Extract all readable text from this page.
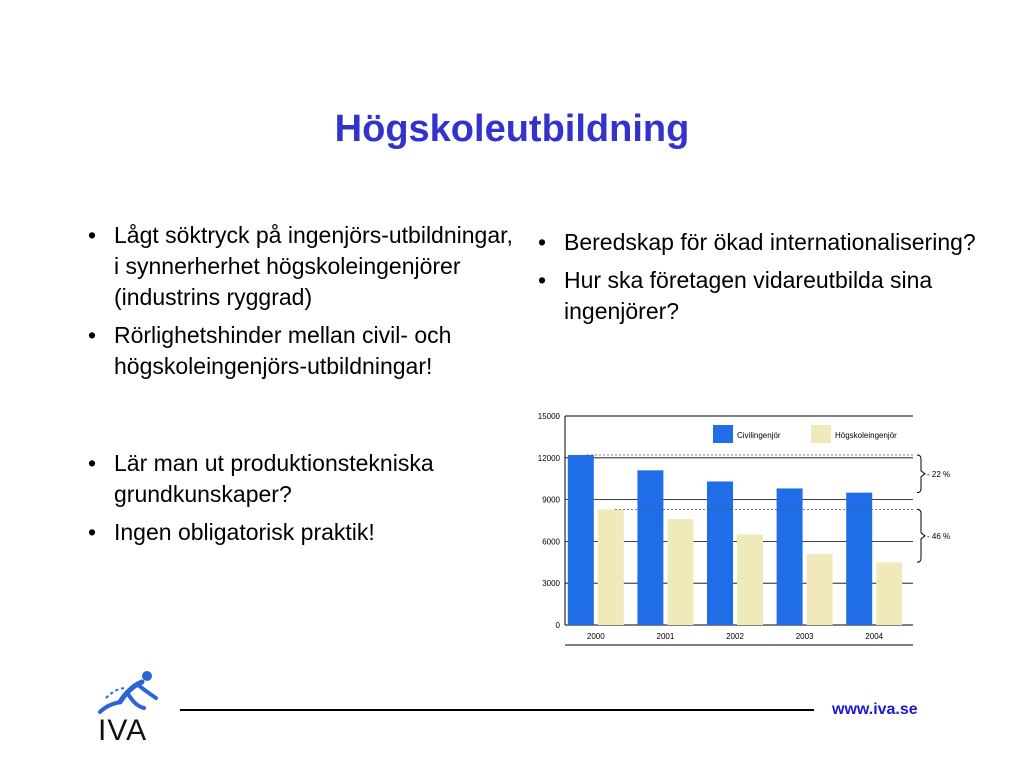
Högskoleutbildning
• Lågt söktryck på ingenjörs-utbildningar, i synnerherhet högskoleingenjörer (industrins ryggrad)
• Rörlighetshinder mellan civil- och högskoleingenjörs-utbildningar!
• Lär man ut produktionstekniska grundkunskaper?
• Ingen obligatorisk praktik!
• Beredskap för ökad internationalisering?
• Hur ska företagen vidareutbilda sina ingenjörer?
0
3000
6000
9000
12000
15000
2000	2001	2002	2003	2004
- 22 %
- 46 %
Civilingenjör	Högskoleingenjör
IVA
www.iva.se
